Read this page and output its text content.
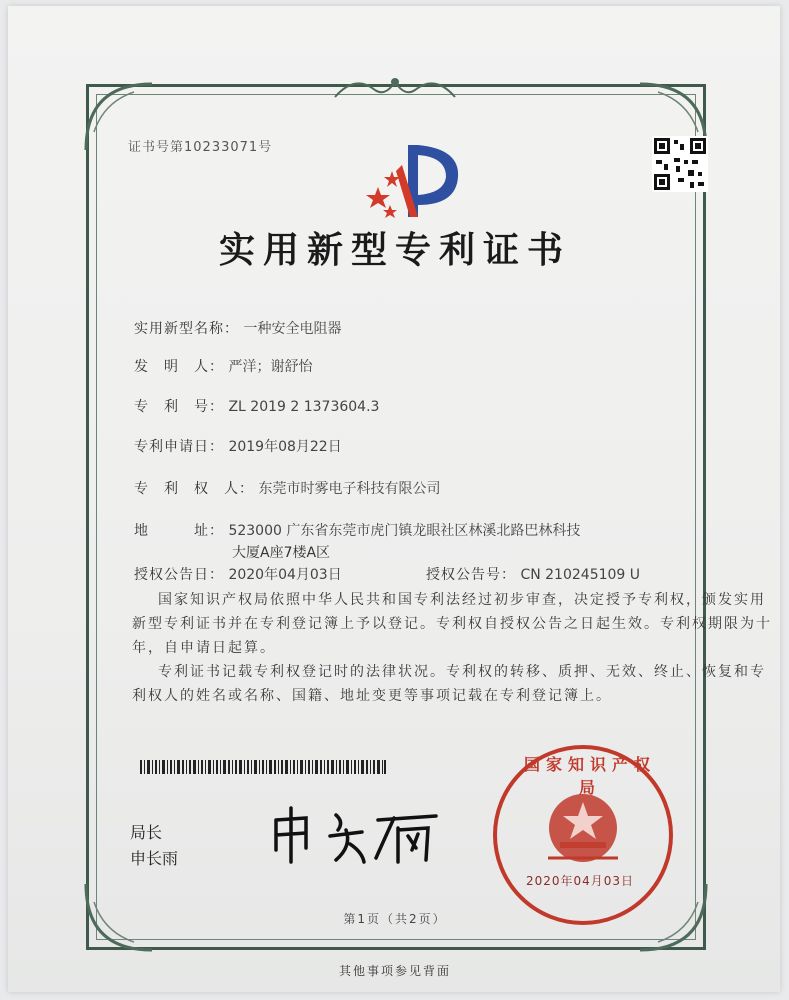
证书号第10233071号
实用新型专利证书
实用新型名称： 一种安全电阻器
发　明　人： 严洋；谢舒怡
专　利　号： ZL 2019 2 1373604.3
专利申请日： 2019年08月22日
专　利　权　人： 东莞市时雾电子科技有限公司
地　　　址： 523000 广东省东莞市虎门镇龙眼社区林溪北路巴林科技
大厦A座7楼A区
授权公告日： 2020年04月03日	授权公告号： CN 210245109 U
国家知识产权局依照中华人民共和国专利法经过初步审查，决定授予专利权，颁发实用
新型专利证书并在专利登记簿上予以登记。专利权自授权公告之日起生效。专利权期限为十
年，自申请日起算。
专利证书记载专利权登记时的法律状况。专利权的转移、质押、无效、终止、恢复和专
利权人的姓名或名称、国籍、地址变更等事项记载在专利登记簿上。
局长
申长雨
国家知识产权局
2020年04月03日
第1页（共2页）
其他事项参见背面
